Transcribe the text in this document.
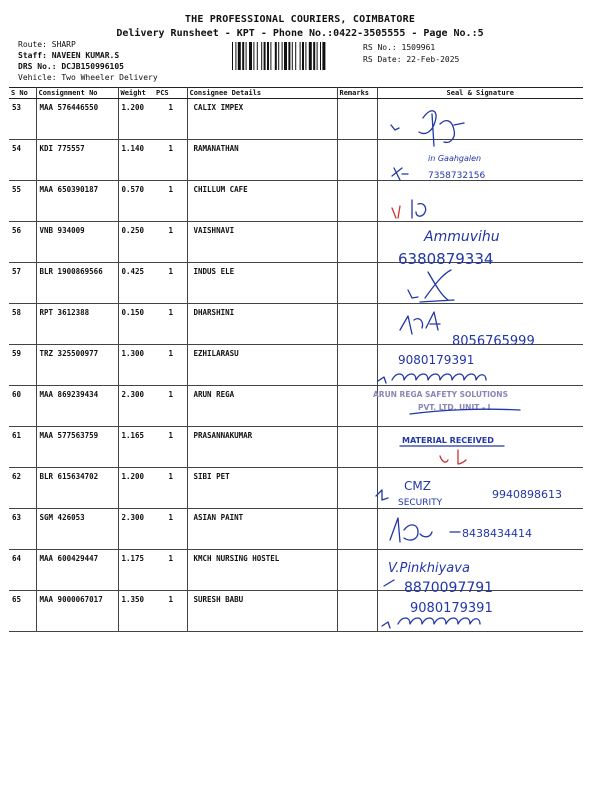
THE PROFESSIONAL COURIERS, COIMBATORE
Delivery Runsheet - KPT - Phone No.:0422-3505555 - Page No.:5
Route: SHARP
Staff: NAVEEN KUMAR.S
DRS No.: DCJB150996105
Vehicle: Two Wheeler Delivery
RS No.: 1509961
RS Date: 22-Feb-2025
S No	Consignment No	Weight	PCS	Consignee Details	Remarks	Seal & Signature
53	MAA 576446550	1.200	1	CALIX IMPEX		
54	KDI 775557	1.140	1	RAMANATHAN		
55	MAA 650390187	0.570	1	CHILLUM CAFE		
56	VNB 934009	0.250	1	VAISHNAVI		
57	BLR 1900869566	0.425	1	INDUS ELE		
58	RPT 3612388	0.150	1	DHARSHINI		
59	TRZ 325500977	1.300	1	EZHILARASU		
60	MAA 869239434	2.300	1	ARUN REGA		
61	MAA 577563759	1.165	1	PRASANNAKUMAR		
62	BLR 615634702	1.200	1	SIBI PET		
63	SGM 426053	2.300	1	ASIAN PAINT		
64	MAA 600429447	1.175	1	KMCH NURSING HOSTEL		
65	MAA 9000067017	1.350	1	SURESH BABU		
in Gaahgalen
7358732156
Ammuvihu
6380879334
8056765999
9080179391
ARUN REGA SAFETY SOLUTIONS
PVT. LTD. UNIT - I
MATERIAL RECEIVED
CMZ
SECURITY
9940898613
8438434414
V.Pinkhiyava
8870097791
9080179391
